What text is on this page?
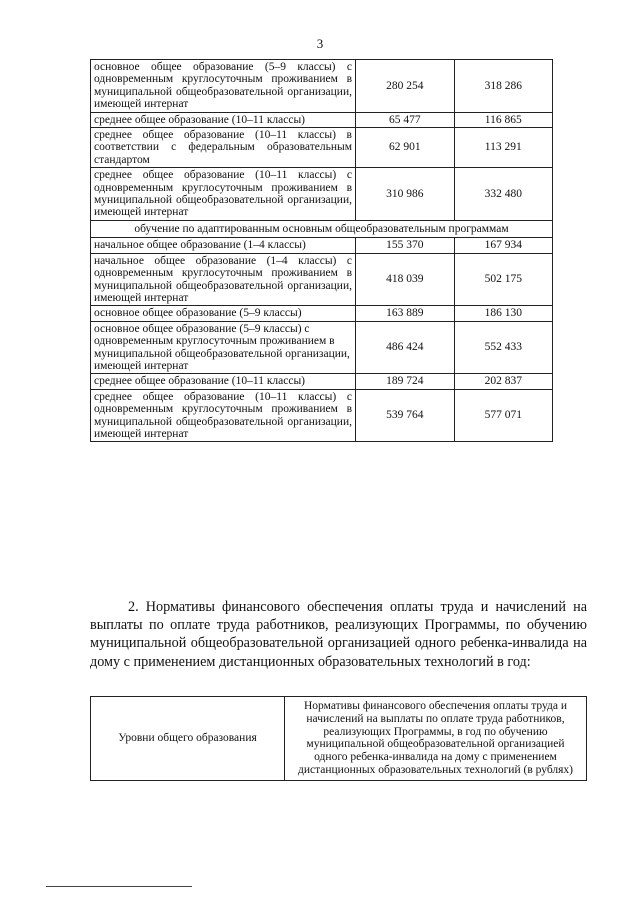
3
основное общее образование (5–9 классы) с одновременным круглосуточным проживанием в муниципальной общеобразовательной организации, имеющей интернат	280 254	318 286
среднее общее образование (10–11 классы)	65 477	116 865
среднее общее образование (10–11 классы) в соответствии с федеральным образовательным стандартом	62 901	113 291
среднее общее образование (10–11 классы) с одновременным круглосуточным проживанием в муниципальной общеобразовательной организации, имеющей интернат	310 986	332 480
обучение по адаптированным основным общеобразовательным программам		
начальное общее образование (1–4 классы)	155 370	167 934
начальное общее образование (1–4 классы) с одновременным круглосуточным проживанием в муниципальной общеобразовательной организации, имеющей интернат	418 039	502 175
основное общее образование (5–9 классы)	163 889	186 130
основное общее образование (5–9 классы) с одновременным круглосуточным проживанием в муниципальной общеобразовательной организации, имеющей интернат	486 424	552 433
среднее общее образование (10–11 классы)	189 724	202 837
среднее общее образование (10–11 классы) с одновременным круглосуточным проживанием в муниципальной общеобразовательной организации, имеющей интернат	539 764	577 071

2. Нормативы финансового обеспечения оплаты труда и начислений на выплаты по оплате труда работников, реализующих Программы, по обучению муниципальной общеобразовательной организацией одного ребенка-инвалида на дому с применением дистанционных образовательных технологий в год:

Уровни общего образования	Нормативы финансового обеспечения оплаты труда и начислений на выплаты по оплате труда работников, реализующих Программы, в год по обучению муниципальной общеобразовательной организацией одного ребенка-инвалида на дому с применением дистанционных образовательных технологий (в рублях)
